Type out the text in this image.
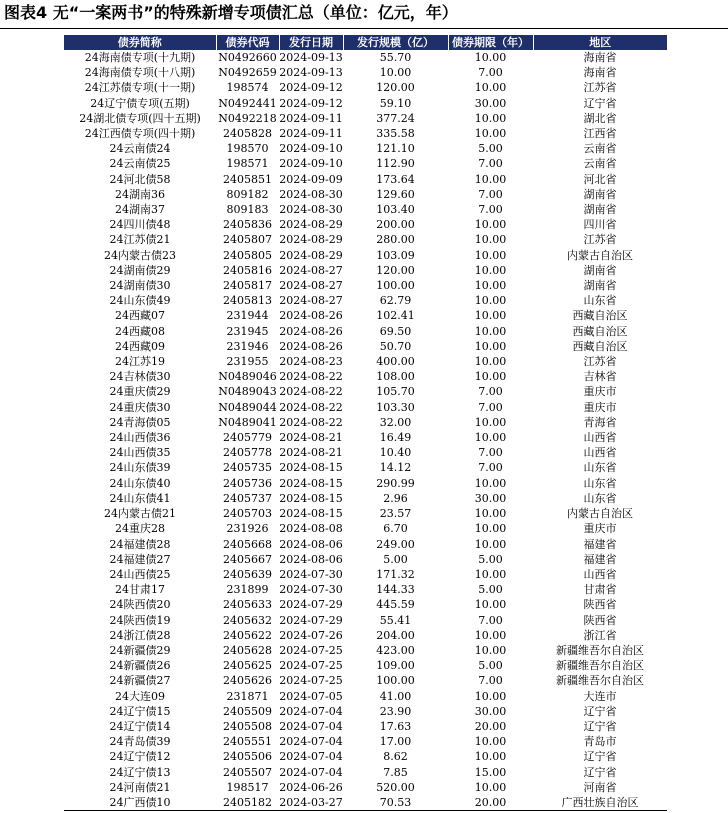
图表4 无“一案两书”的特殊新增专项债汇总（单位：亿元，年）
债券简称	债券代码	发行日期	发行规模（亿）	债券期限（年）	地区
24海南债专项(十九期)	N0492660	2024-09-13	55.70	10.00	海南省
24海南债专项(十八期)	N0492659	2024-09-13	10.00	7.00	海南省
24江苏债专项(十一期)	198574	2024-09-12	120.00	10.00	江苏省
24辽宁债专项(五期)	N0492441	2024-09-12	59.10	30.00	辽宁省
24湖北债专项(四十五期)	N0492218	2024-09-11	377.24	10.00	湖北省
24江西债专项(四十期)	2405828	2024-09-11	335.58	10.00	江西省
24云南债24	198570	2024-09-10	121.10	5.00	云南省
24云南债25	198571	2024-09-10	112.90	7.00	云南省
24河北债58	2405851	2024-09-09	173.64	10.00	河北省
24湖南36	809182	2024-08-30	129.60	7.00	湖南省
24湖南37	809183	2024-08-30	103.40	7.00	湖南省
24四川债48	2405836	2024-08-29	200.00	10.00	四川省
24江苏债21	2405807	2024-08-29	280.00	10.00	江苏省
24内蒙古债23	2405805	2024-08-29	103.09	10.00	内蒙古自治区
24湖南债29	2405816	2024-08-27	120.00	10.00	湖南省
24湖南债30	2405817	2024-08-27	100.00	10.00	湖南省
24山东债49	2405813	2024-08-27	62.79	10.00	山东省
24西藏07	231944	2024-08-26	102.41	10.00	西藏自治区
24西藏08	231945	2024-08-26	69.50	10.00	西藏自治区
24西藏09	231946	2024-08-26	50.70	10.00	西藏自治区
24江苏19	231955	2024-08-23	400.00	10.00	江苏省
24吉林债30	N0489046	2024-08-22	108.00	10.00	吉林省
24重庆债29	N0489043	2024-08-22	105.70	7.00	重庆市
24重庆债30	N0489044	2024-08-22	103.30	7.00	重庆市
24青海债05	N0489041	2024-08-22	32.00	10.00	青海省
24山西债36	2405779	2024-08-21	16.49	10.00	山西省
24山西债35	2405778	2024-08-21	10.40	7.00	山西省
24山东债39	2405735	2024-08-15	14.12	7.00	山东省
24山东债40	2405736	2024-08-15	290.99	10.00	山东省
24山东债41	2405737	2024-08-15	2.96	30.00	山东省
24内蒙古债21	2405703	2024-08-15	23.57	10.00	内蒙古自治区
24重庆28	231926	2024-08-08	6.70	10.00	重庆市
24福建债28	2405668	2024-08-06	249.00	10.00	福建省
24福建债27	2405667	2024-08-06	5.00	5.00	福建省
24山西债25	2405639	2024-07-30	171.32	10.00	山西省
24甘肃17	231899	2024-07-30	144.33	5.00	甘肃省
24陕西债20	2405633	2024-07-29	445.59	10.00	陕西省
24陕西债19	2405632	2024-07-29	55.41	7.00	陕西省
24浙江债28	2405622	2024-07-26	204.00	10.00	浙江省
24新疆债29	2405628	2024-07-25	423.00	10.00	新疆维吾尔自治区
24新疆债26	2405625	2024-07-25	109.00	5.00	新疆维吾尔自治区
24新疆债27	2405626	2024-07-25	100.00	7.00	新疆维吾尔自治区
24大连09	231871	2024-07-05	41.00	10.00	大连市
24辽宁债15	2405509	2024-07-04	23.90	30.00	辽宁省
24辽宁债14	2405508	2024-07-04	17.63	20.00	辽宁省
24青岛债39	2405551	2024-07-04	17.00	10.00	青岛市
24辽宁债12	2405506	2024-07-04	8.62	10.00	辽宁省
24辽宁债13	2405507	2024-07-04	7.85	15.00	辽宁省
24河南债21	198517	2024-06-26	520.00	10.00	河南省
24广西债10	2405182	2024-03-27	70.53	20.00	广西壮族自治区
